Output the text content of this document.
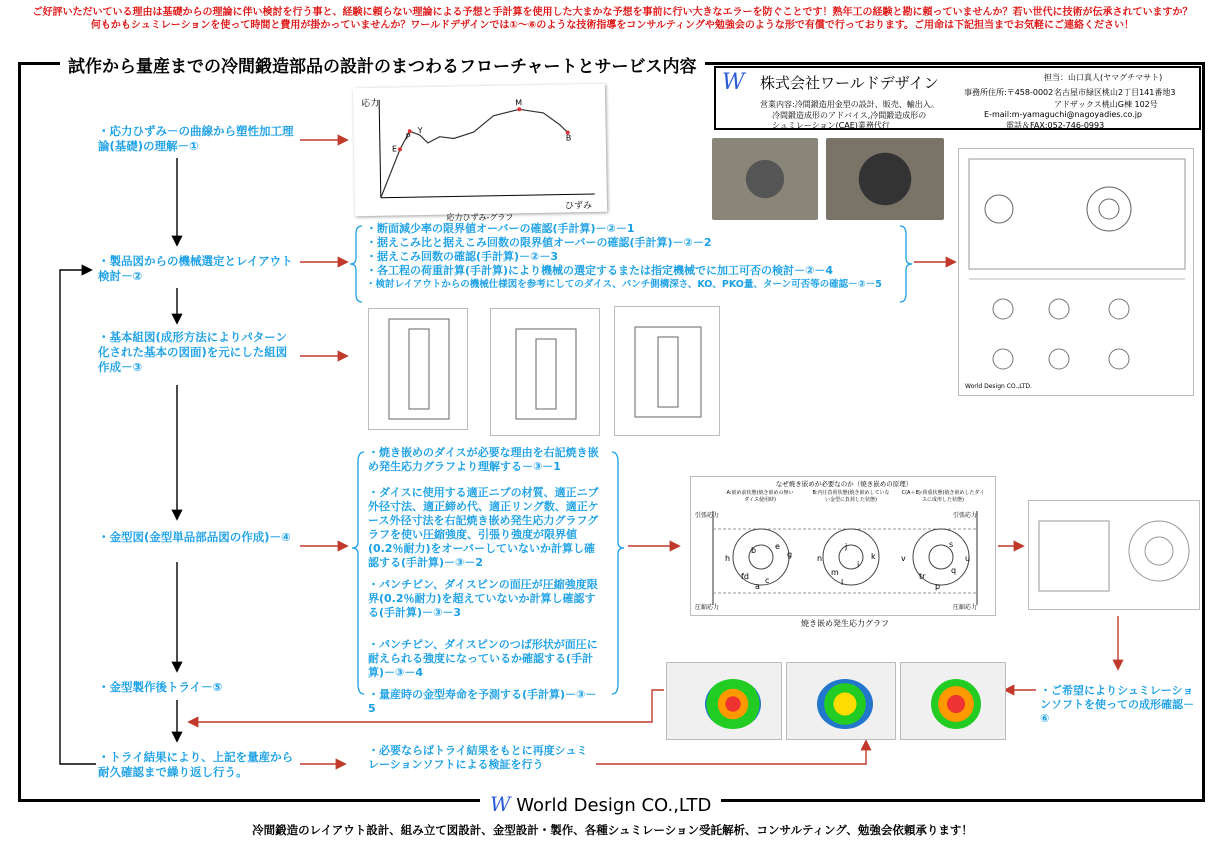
ご好評いただいている理由は基礎からの理論に伴い検討を行う事と、経験に頼らない理論による予想と手計算を使用した大まかな予想を事前に行い大きなエラーを防ぐことです！熟年工の経験と勘に頼っていませんか？若い世代に技術が伝承されていますか？
何もかもシュミレーションを使って時間と費用が掛かっていませんか？ワールドデザインでは①～⑥のような技術指導をコンサルティングや勉強会のような形で有償で行っております。ご用命は下記担当までお気軽にご連絡ください！
試作から量産までの冷間鍛造部品の設計のまつわるフローチャートとサービス内容
W 株式会社ワールドデザイン	担当：山口真人(ヤマグチマサト)
事務所住所:〒458-0002 名古屋市緑区桃山2丁目141番地3
アドザックス桃山G棟 102号
営業内容:冷間鍛造用金型の設計、販売、輸出入。
冷間鍛造成形のアドバイス,冷間鍛造成形の	E-mail:m-yamaguchi@nagoyadies.co.jp
シュミレーション(CAE)業務代行	電話＆FAX:052-746-0993
・応力ひずみ－の曲線から塑性加工理論(基礎)の理解－①
・製品図からの機械選定とレイアウト検討－②
・基本組図(成形方法によりパターン化された基本の図面)を元にした組図作成－③
・金型図(金型単品部品図の作成)－④
・金型製作後トライ－⑤
・トライ結果により、上記を量産から耐久確認まで繰り返し行う。
・断面減少率の限界値オーバーの確認(手計算)－②－1
・据えこみ比と据えこみ回数の限界値オーバーの確認(手計算)－②－2
・据えこみ回数の確認(手計算)－②－3
・各工程の荷重計算(手計算)により機械の選定するまたは指定機械でに加工可否の検討－②－4
・検討レイアウトからの機械仕様図を参考にしてのダイス、パンチ側構深さ、KO、PKO量、ターン可否等の確認－②－5
・焼き嵌めのダイスが必要な理由を右記焼き嵌め発生応力グラフより理解する－③－1
・ダイスに使用する適正ニブの材質、適正ニブ外径寸法、適正締め代、適正リング数、適正ケース外径寸法を右記焼き嵌め発生応力グラフグラフを使い圧縮強度、引張り強度が限界値(0.2％耐力)をオーバーしていないか計算し確認する(手計算)－③－2
・パンチピン、ダイスピンの面圧が圧縮強度限界(0.2％耐力)を超えていないか計算し確認する(手計算)－③－3
・パンチピン、ダイスピンのつば形状が面圧に耐えられる強度になっているか確認する(手計算)－③－4
・量産時の金型寿命を予測する(手計算)－③－5
・ご希望によりシュミレーションソフトを使っての成形確認－⑥
・必要ならばトライ結果をもとに再度シュミレーションソフトによる検証を行う
応力
ひずみ
E
P
Y
M
B
応力ひずみ-グラフ
World Design CO.,LTD.
なぜ焼き嵌めが必要なのか（焼き嵌めの原理）
A:嵌め前状態(焼き嵌めの無いダイス使用時)
B:内圧負荷状態(焼き嵌めしていない金型に負荷した状態)
C(A＋B):荷重状態(焼き嵌めしたダイスに成形した状態)
引張応力
圧縮応力
引張応力
圧縮応力
h
b e
g
fd c
a
n
m
j
i
l
k	v
s
tr
p
q
u
焼き嵌め発生応力グラフ
W World Design CO.,LTD
冷間鍛造のレイアウト設計、組み立て図設計、金型設計・製作、各種シュミレーション受託解析、コンサルティング、勉強会依頼承ります！
